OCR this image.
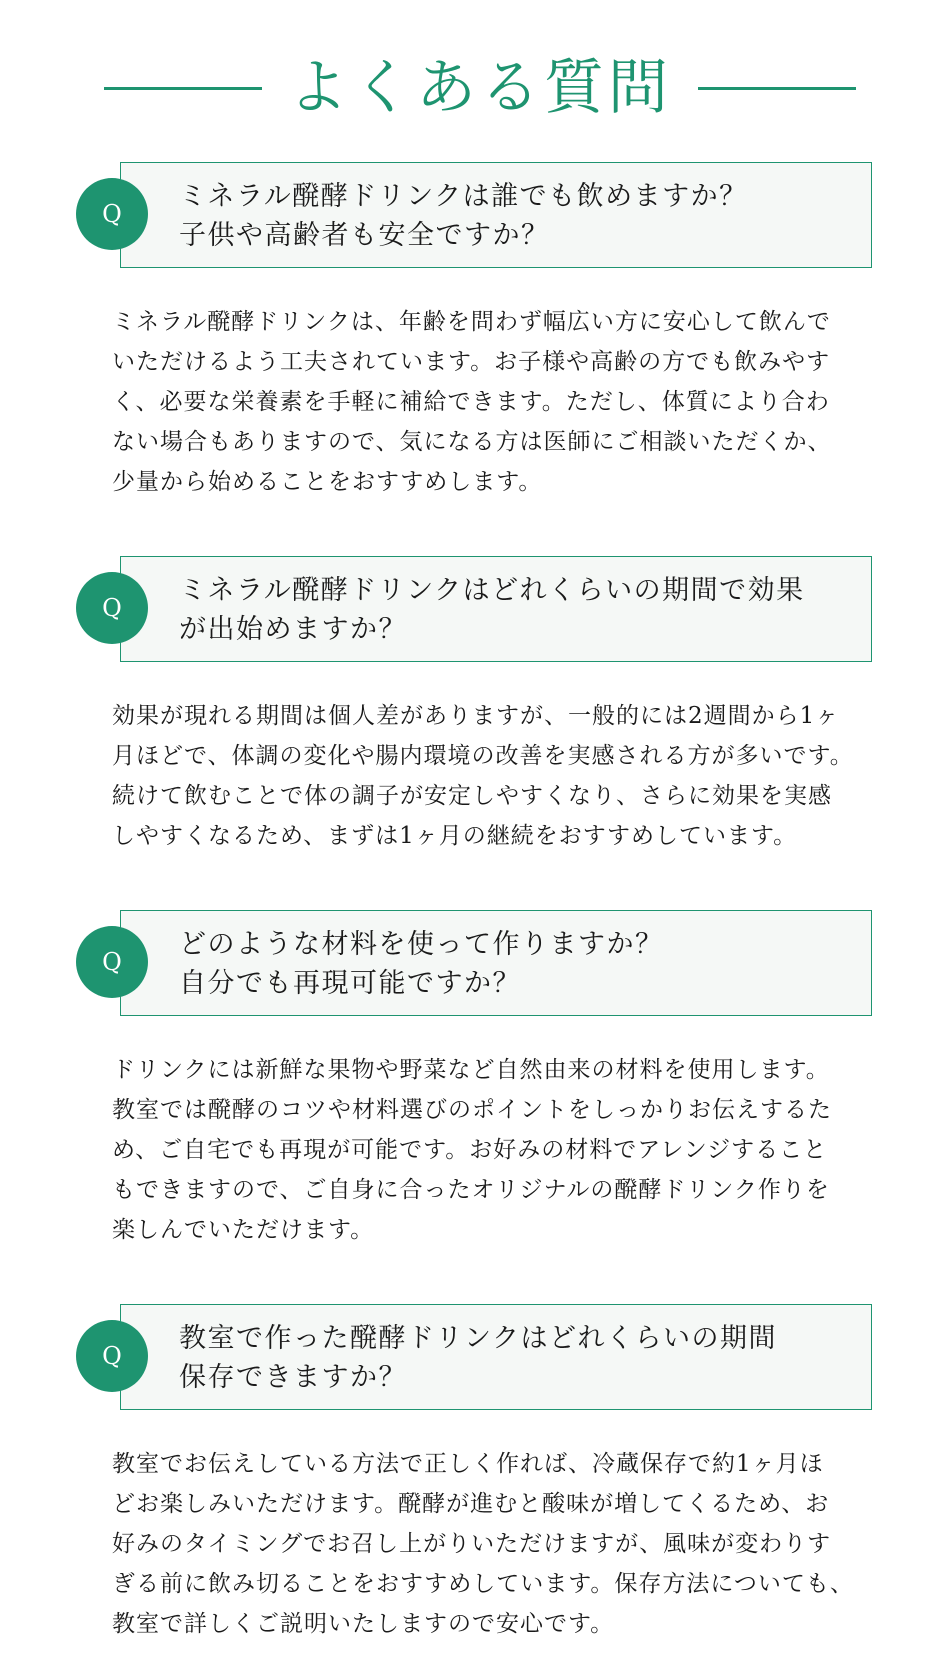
よくある質問
ミネラル醗酵ドリンクは誰でも飲めますか？
子供や高齢者も安全ですか？
Q
ミネラル醗酵ドリンクは、年齢を問わず幅広い方に安心して飲んで
いただけるよう工夫されています。お子様や高齢の方でも飲みやす
く、必要な栄養素を手軽に補給できます。ただし、体質により合わ
ない場合もありますので、気になる方は医師にご相談いただくか、
少量から始めることをおすすめします。
ミネラル醗酵ドリンクはどれくらいの期間で効果
が出始めますか？
Q
効果が現れる期間は個人差がありますが、一般的には2週間から1ヶ
月ほどで、体調の変化や腸内環境の改善を実感される方が多いです。
続けて飲むことで体の調子が安定しやすくなり、さらに効果を実感
しやすくなるため、まずは1ヶ月の継続をおすすめしています。
どのような材料を使って作りますか？
自分でも再現可能ですか？
Q
ドリンクには新鮮な果物や野菜など自然由来の材料を使用します。
教室では醗酵のコツや材料選びのポイントをしっかりお伝えするた
め、ご自宅でも再現が可能です。お好みの材料でアレンジすること
もできますので、ご自身に合ったオリジナルの醗酵ドリンク作りを
楽しんでいただけます。
教室で作った醗酵ドリンクはどれくらいの期間
保存できますか？
Q
教室でお伝えしている方法で正しく作れば、冷蔵保存で約1ヶ月ほ
どお楽しみいただけます。醗酵が進むと酸味が増してくるため、お
好みのタイミングでお召し上がりいただけますが、風味が変わりす
ぎる前に飲み切ることをおすすめしています。保存方法についても、
教室で詳しくご説明いたしますので安心です。
